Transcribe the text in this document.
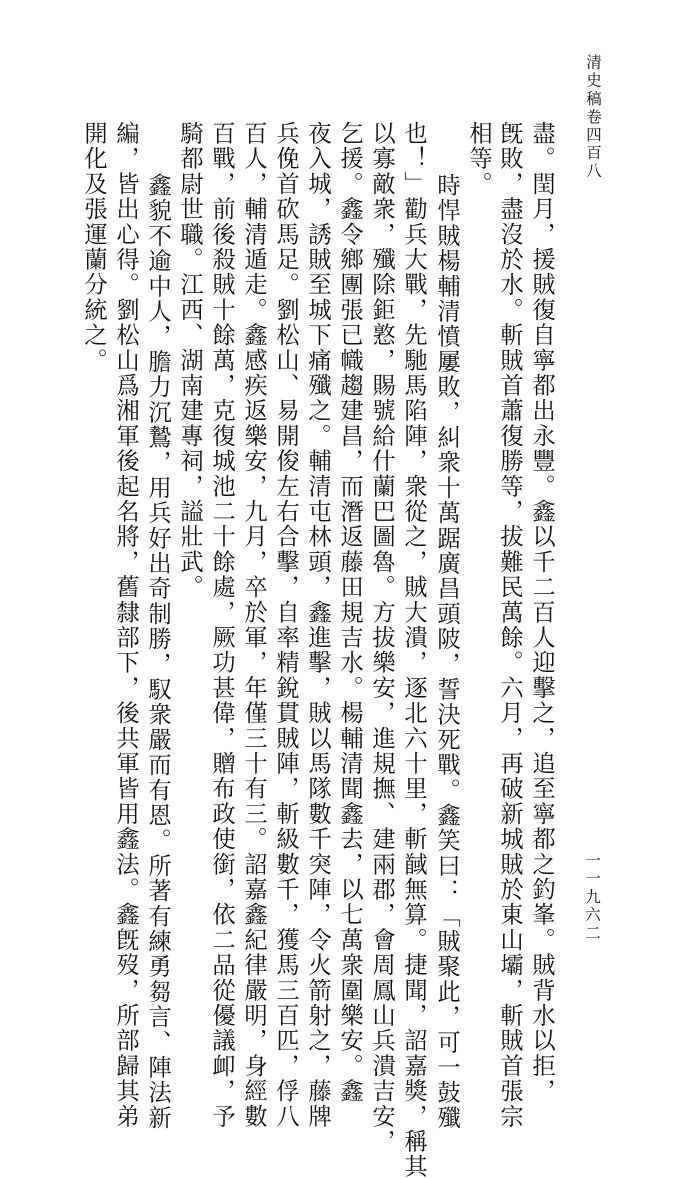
清史稿卷四百八
一一九六二
盡。閏月，援賊復自寧都出永豐。鑫以千二百人迎擊之，追至寧都之釣峯。賊背水以拒，
旣敗，盡沒於水。斬賊首蕭復勝等，拔難民萬餘。六月，再破新城賊於東山壩，斬賊首張宗
相等。
時悍賊楊輔清憤屢敗，糾衆十萬踞廣昌頭陂，誓決死戰。鑫笑曰：「賊聚此，可一鼓殲
也！」勸兵大戰，先馳馬陷陣，衆從之，賊大潰，逐北六十里，斬馘無算。捷聞，詔嘉獎，稱其
以寡敵衆，殲除鉅憝，賜號給什蘭巴圖魯。方拔樂安，進規撫、建兩郡，會周鳳山兵潰吉安，
乞援。鑫令鄉團張已幟趨建昌，而潛返藤田規吉水。楊輔清聞鑫去，以七萬衆圍樂安。鑫
夜入城，誘賊至城下痛殲之。輔清屯林頭，鑫進擊，賊以馬隊數千突陣，令火箭射之，藤牌
兵俛首砍馬足。劉松山、易開俊左右合擊，自率精銳貫賊陣，斬級數千，獲馬三百匹，俘八
百人，輔清遁走。鑫感疾返樂安，九月，卒於軍，年僅三十有三。詔嘉鑫紀律嚴明，身經數
百戰，前後殺賊十餘萬，克復城池二十餘處，厥功甚偉，贈布政使銜，依二品從優議卹，予
騎都尉世職。江西、湖南建專祠，謚壯武。
鑫貌不逾中人，膽力沉鷙，用兵好出奇制勝，馭衆嚴而有恩。所著有練勇芻言、陣法新
編，皆出心得。劉松山爲湘軍後起名將，舊隸部下，後共軍皆用鑫法。鑫旣歿，所部歸其弟
開化及張運蘭分統之。
